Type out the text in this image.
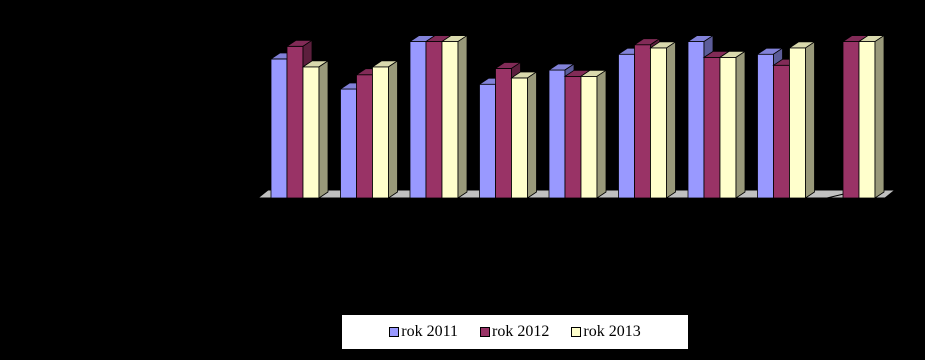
rok 2011 rok 2012 rok 2013
